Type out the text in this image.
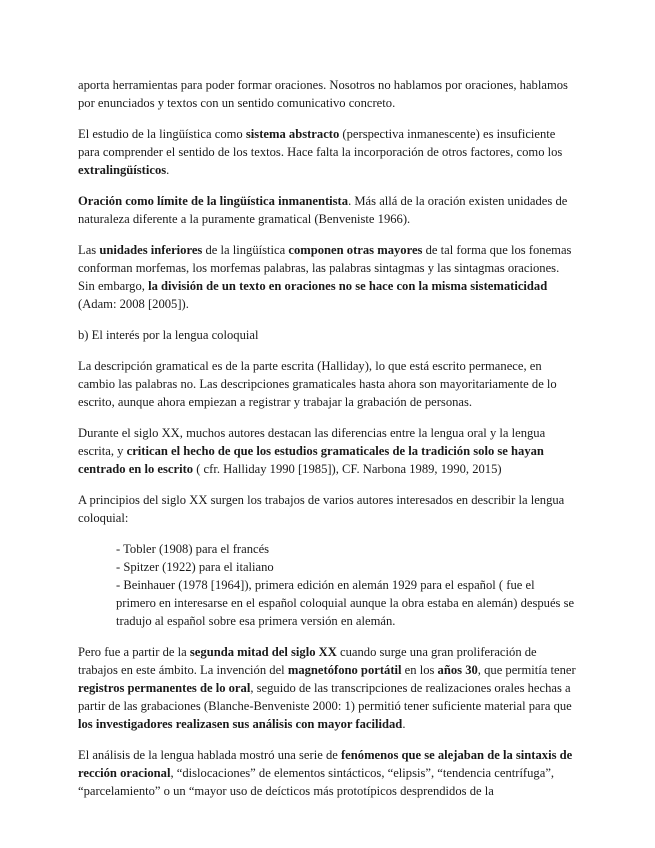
aporta herramientas para poder formar oraciones. Nosotros no hablamos por oraciones, hablamos por enunciados y textos con un sentido comunicativo concreto.

El estudio de la lingüística como sistema abstracto (perspectiva inmanescente) es insuficiente para comprender el sentido de los textos. Hace falta la incorporación de otros factores, como los extralingüísticos.

Oración como límite de la lingüística inmanentista. Más allá de la oración existen unidades de naturaleza diferente a la puramente gramatical (Benveniste 1966).

Las unidades inferiores de la lingüística componen otras mayores de tal forma que los fonemas conforman morfemas, los morfemas palabras, las palabras sintagmas y las sintagmas oraciones. Sin embargo, la división de un texto en oraciones no se hace con la misma sistematicidad (Adam: 2008 [2005]).

b) El interés por la lengua coloquial

La descripción gramatical es de la parte escrita (Halliday), lo que está escrito permanece, en cambio las palabras no. Las descripciones gramaticales hasta ahora son mayoritariamente de lo escrito, aunque ahora empiezan a registrar y trabajar la grabación de personas.

Durante el siglo XX, muchos autores destacan las diferencias entre la lengua oral y la lengua escrita, y critican el hecho de que los estudios gramaticales de la tradición solo se hayan centrado en lo escrito ( cfr. Halliday 1990 [1985]), CF. Narbona 1989, 1990, 2015)

A principios del siglo XX surgen los trabajos de varios autores interesados en describir la lengua coloquial:

- Tobler (1908) para el francés
- Spitzer (1922) para el italiano
- Beinhauer (1978 [1964]), primera edición en alemán 1929 para el español ( fue el primero en interesarse en el español coloquial aunque la obra estaba en alemán) después se tradujo al español sobre esa primera versión en alemán.

Pero fue a partir de la segunda mitad del siglo XX cuando surge una gran proliferación de trabajos en este ámbito. La invención del magnetófono portátil en los años 30, que permitía tener registros permanentes de lo oral, seguido de las transcripciones de realizaciones orales hechas a partir de las grabaciones (Blanche-Benveniste 2000: 1) permitió tener suficiente material para que los investigadores realizasen sus análisis con mayor facilidad.

El análisis de la lengua hablada mostró una serie de fenómenos que se alejaban de la sintaxis de rección oracional, “dislocaciones” de elementos sintácticos, “elipsis”, “tendencia centrífuga”, “parcelamiento” o un “mayor uso de deícticos más prototípicos desprendidos de la
